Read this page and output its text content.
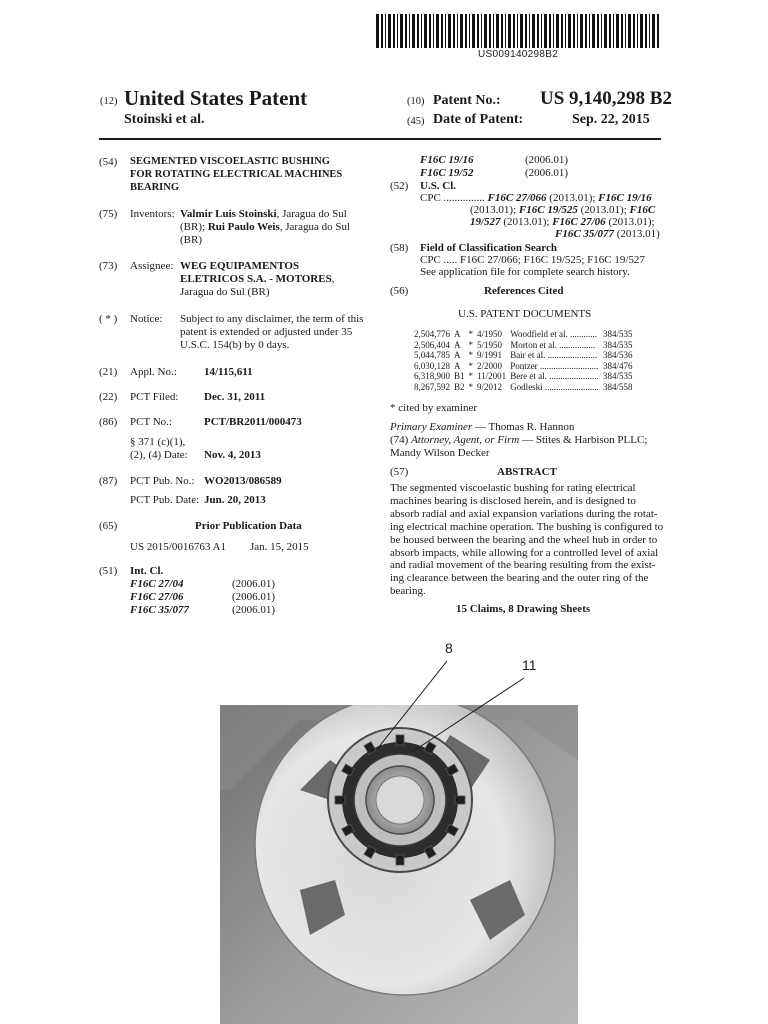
US009140298B2
(12) United States Patent
Stoinski et al.
(10) Patent No.: US 9,140,298 B2
(45) Date of Patent:	Sep. 22, 2015
(54) SEGMENTED VISCOELASTIC BUSHING
FOR ROTATING ELECTRICAL MACHINES
BEARING
(75) Inventors: Valmir Luis Stoinski, Jaragua do Sul
(BR); Rui Paulo Weis, Jaragua do Sul
(BR)
(73) Assignee: WEG EQUIPAMENTOS
ELETRICOS S.A. - MOTORES,
Jaragua do Sul (BR)
( * ) Notice: Subject to any disclaimer, the term of this
patent is extended or adjusted under 35
U.S.C. 154(b) by 0 days.
(21) Appl. No.: 14/115,611
(22) PCT Filed: Dec. 31, 2011
(86) PCT No.:	PCT/BR2011/000473
§ 371 (c)(1),
(2), (4) Date: Nov. 4, 2013
(87) PCT Pub. No.: WO2013/086589
PCT Pub. Date: Jun. 20, 2013
(65)	Prior Publication Data
US 2015/0016763 A1 Jan. 15, 2015
(51) Int. Cl.
F16C 27/04	(2006.01)
F16C 27/06	(2006.01)
F16C 35/077	(2006.01)
F16C 19/16	(2006.01)
F16C 19/52	(2006.01)
(52) U.S. Cl.
CPC ............... F16C 27/066 (2013.01); F16C 19/16
(2013.01); F16C 19/525 (2013.01); F16C
19/527 (2013.01); F16C 27/06 (2013.01);
F16C 35/077 (2013.01)
(58) Field of Classification Search
CPC ..... F16C 27/066; F16C 19/525; F16C 19/527
See application file for complete search history.
(56)	References Cited
U.S. PATENT DOCUMENTS
2,504,776	A	*	4/1950	Woodfield et al. ............	384/535
2,506,404	A	*	5/1950	Morton et al. ................	384/535
5,044,785	A	*	9/1991	Bair et al. ......................	384/536
6,030,128	A	*	2/2000	Pontzer ..........................	384/476
6,318,900	B1	*	11/2001	Bere et al. ......................	384/535
8,267,592	B2	*	9/2012	Godleski ........................	384/558
* cited by examiner
Primary Examiner — Thomas R. Hannon
(74) Attorney, Agent, or Firm — Stites & Harbison PLLC;
Mandy Wilson Decker
(57)	ABSTRACT
The segmented viscoelastic bushing for rating electrical
machines bearing is disclosed herein, and is designed to
absorb radial and axial expansion variations during the rotat-
ing electrical machine operation. The bushing is configured to
be housed between the bearing and the wheel hub in order to
absorb impacts, while allowing for a controlled level of axial
and radial movement of the bearing resulting from the exist-
ing clearance between the bearing and the outer ring of the
bearing.
15 Claims, 8 Drawing Sheets
8
11
